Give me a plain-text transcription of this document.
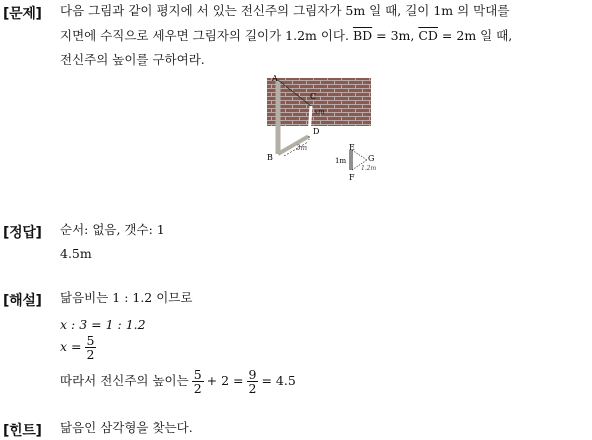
[문제] 다음 그림과 같이 평지에 서 있는 전신주의 그림자가 5m 일 때, 길이 1m 의 막대를
지면에 수직으로 세우면 그림자의 길이가 1.2m 이다. $\overline{BD} = 3m$, $\overline{CD} = 2m$ 일 때,
전신주의 높이를 구하여라.
A
B
C
D
xm
3m	E
F
G
1m
1.2m
[정답] 순서: 없음, 갯수: 1
4.5m
[해설] 닮음비는 1 : 1.2 이므로
x : 3 = 1 : 1.2
$x = \frac{5}{2}$
따라서 전신주의 높이는 $\frac{5}{2} + 2 = \frac{9}{2} = 4.5$
[힌트] 닮음인 삼각형을 찾는다.
